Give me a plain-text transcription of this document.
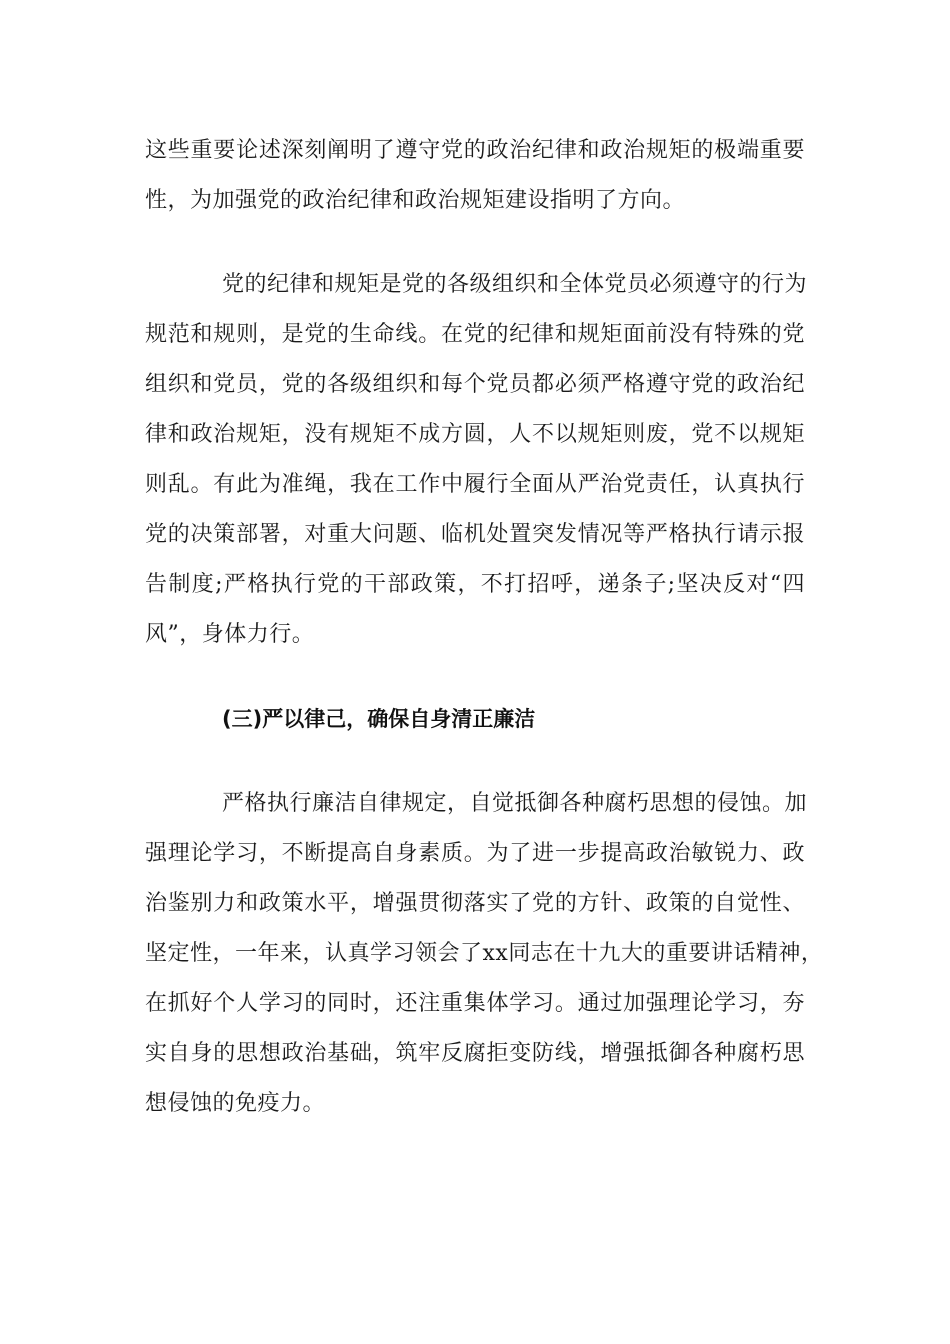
这些重要论述深刻阐明了遵守党的政治纪律和政治规矩的极端重要
性，为加强党的政治纪律和政治规矩建设指明了方向。
党的纪律和规矩是党的各级组织和全体党员必须遵守的行为
规范和规则，是党的生命线。在党的纪律和规矩面前没有特殊的党
组织和党员，党的各级组织和每个党员都必须严格遵守党的政治纪
律和政治规矩，没有规矩不成方圆，人不以规矩则废，党不以规矩
则乱。有此为准绳，我在工作中履行全面从严治党责任，认真执行
党的决策部署，对重大问题、临机处置突发情况等严格执行请示报
告制度;严格执行党的干部政策，不打招呼，递条子;坚决反对“四
风”，身体力行。
(三)严以律己，确保自身清正廉洁
严格执行廉洁自律规定，自觉抵御各种腐朽思想的侵蚀。加
强理论学习，不断提高自身素质。为了进一步提高政治敏锐力、政
治鉴别力和政策水平，增强贯彻落实了党的方针、政策的自觉性、
坚定性，一年来，认真学习领会了xx同志在十九大的重要讲话精神，
在抓好个人学习的同时，还注重集体学习。通过加强理论学习，夯
实自身的思想政治基础，筑牢反腐拒变防线，增强抵御各种腐朽思
想侵蚀的免疫力。
